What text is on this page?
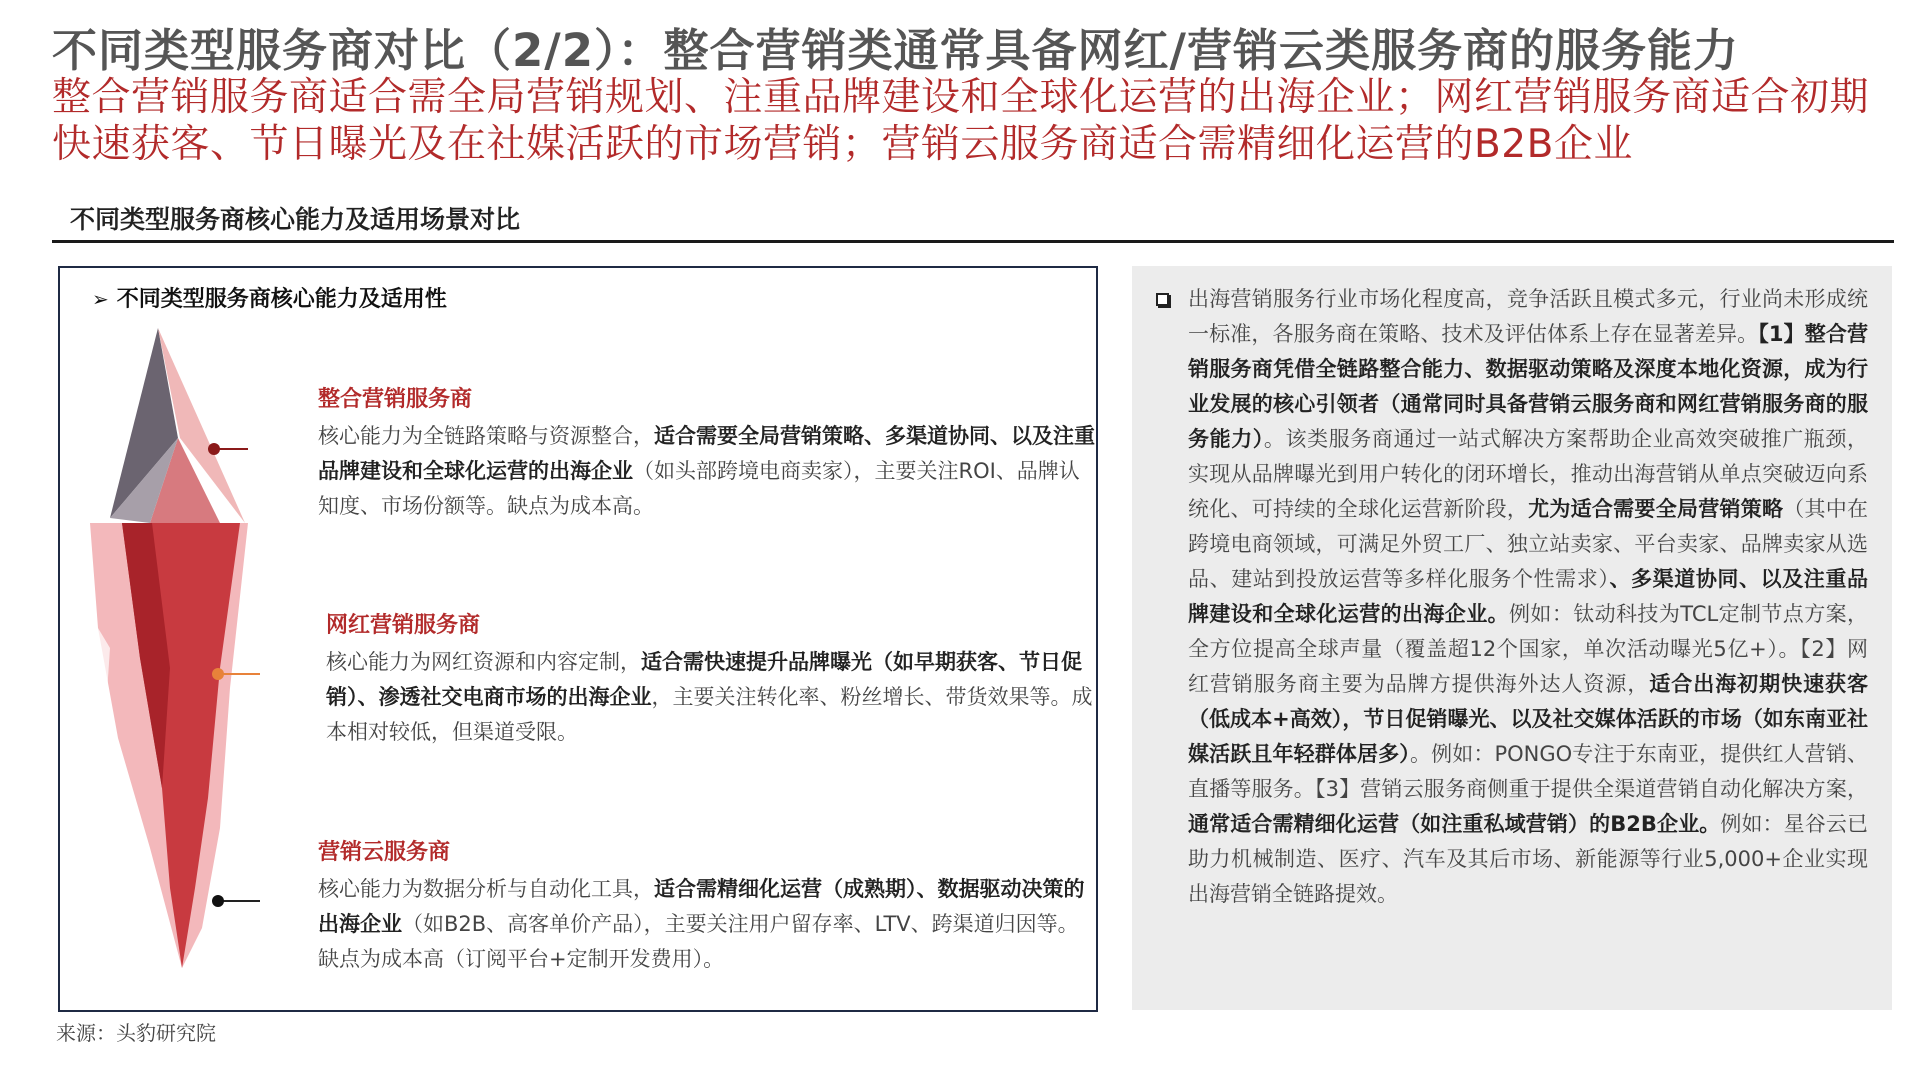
不同类型服务商对比（2/2）：整合营销类通常具备网红/营销云类服务商的服务能力
整合营销服务商适合需全局营销规划、注重品牌建设和全球化运营的出海企业；网红营销服务商适合初期快速获客、节日曝光及在社媒活跃的市场营销；营销云服务商适合需精细化运营的B2B企业
不同类型服务商核心能力及适用场景对比
➢ 不同类型服务商核心能力及适用性
整合营销服务商
核心能力为全链路策略与资源整合，适合需要全局营销策略、多渠道协同、以及注重品牌建设和全球化运营的出海企业（如头部跨境电商卖家），主要关注ROI、品牌认知度、市场份额等。缺点为成本高。
网红营销服务商
核心能力为网红资源和内容定制，适合需快速提升品牌曝光（如早期获客、节日促销）、渗透社交电商市场的出海企业，主要关注转化率、粉丝增长、带货效果等。成本相对较低，但渠道受限。
营销云服务商
核心能力为数据分析与自动化工具，适合需精细化运营（成熟期）、数据驱动决策的出海企业（如B2B、高客单价产品），主要关注用户留存率、LTV、跨渠道归因等。缺点为成本高（订阅平台+定制开发费用）。
出海营销服务行业市场化程度高，竞争活跃且模式多元，行业尚未形成统一标准，各服务商在策略、技术及评估体系上存在显著差异。【1】整合营销服务商凭借全链路整合能力、数据驱动策略及深度本地化资源，成为行业发展的核心引领者（通常同时具备营销云服务商和网红营销服务商的服务能力）。该类服务商通过一站式解决方案帮助企业高效突破推广瓶颈，实现从品牌曝光到用户转化的闭环增长，推动出海营销从单点突破迈向系统化、可持续的全球化运营新阶段，尤为适合需要全局营销策略（其中在跨境电商领域，可满足外贸工厂、独立站卖家、平台卖家、品牌卖家从选品、建站到投放运营等多样化服务个性需求）、多渠道协同、以及注重品牌建设和全球化运营的出海企业。例如：钛动科技为TCL定制节点方案，全方位提高全球声量（覆盖超12个国家，单次活动曝光5亿+）。【2】网红营销服务商主要为品牌方提供海外达人资源，适合出海初期快速获客（低成本+高效），节日促销曝光、以及社交媒体活跃的市场（如东南亚社媒活跃且年轻群体居多）。例如：PONGO专注于东南亚，提供红人营销、直播等服务。【3】营销云服务商侧重于提供全渠道营销自动化解决方案，通常适合需精细化运营（如注重私域营销）的B2B企业。例如：星谷云已助力机械制造、医疗、汽车及其后市场、新能源等行业5,000+企业实现出海营销全链路提效。
来源：头豹研究院
